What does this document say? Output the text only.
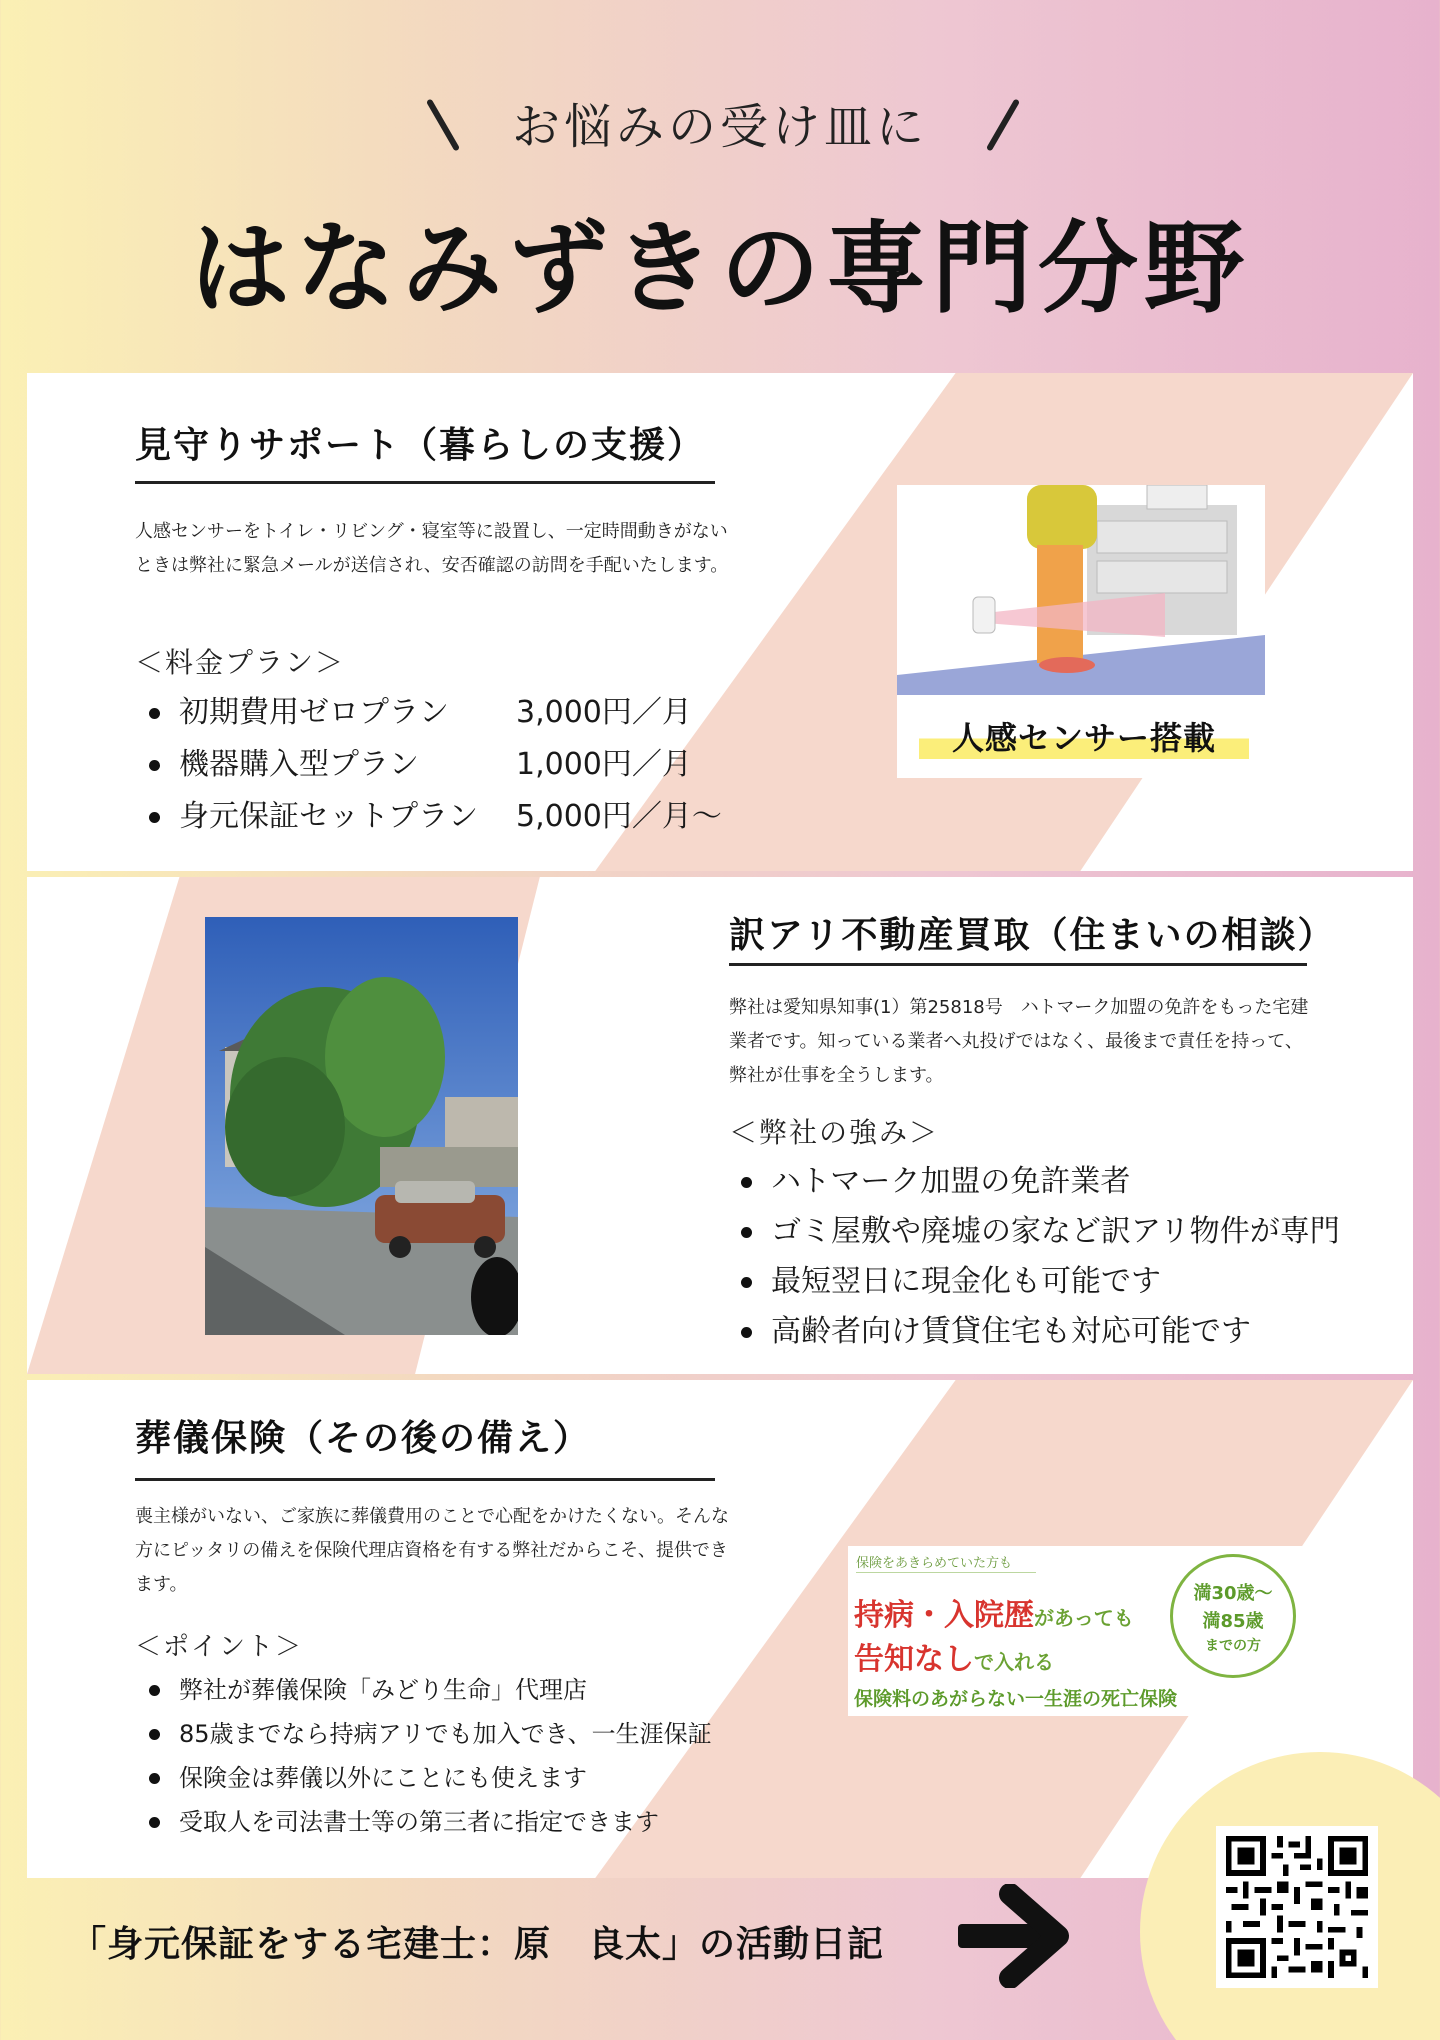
お悩みの受け皿に
はなみずきの専門分野
見守りサポート（暮らしの支援）
人感センサーをトイレ・リビング・寝室等に設置し、一定時間動きがないときは弊社に緊急メールが送信され、安否確認の訪問を手配いたします。
＜料金プラン＞
初期費用ゼロプラン 3,000円／月
機器購入型プラン	1,000円／月
身元保証セットプラン 5,000円／月～
人感センサー搭載
訳アリ不動産買取（住まいの相談）
弊社は愛知県知事(1）第25818号　ハトマーク加盟の免許をもった宅建業者です。知っている業者へ丸投げではなく、最後まで責任を持って、弊社が仕事を全うします。
＜弊社の強み＞
ハトマーク加盟の免許業者
ゴミ屋敷や廃墟の家など訳アリ物件が専門
最短翌日に現金化も可能です
高齢者向け賃貸住宅も対応可能です
葬儀保険（その後の備え）
喪主様がいない、ご家族に葬儀費用のことで心配をかけたくない。そんな方にピッタリの備えを保険代理店資格を有する弊社だからこそ、提供できます。
＜ポイント＞
弊社が葬儀保険「みどり生命」代理店
85歳までなら持病アリでも加入でき、一生涯保証
保険金は葬儀以外にことにも使えます
受取人を司法書士等の第三者に指定できます
保険をあきらめていた方も
持病・入院歴があっても
告知なしで入れる
保険料のあがらない一生涯の死亡保険
満30歳～
満85歳
までの方
「身元保証をする宅建士：原　良太」の活動日記
